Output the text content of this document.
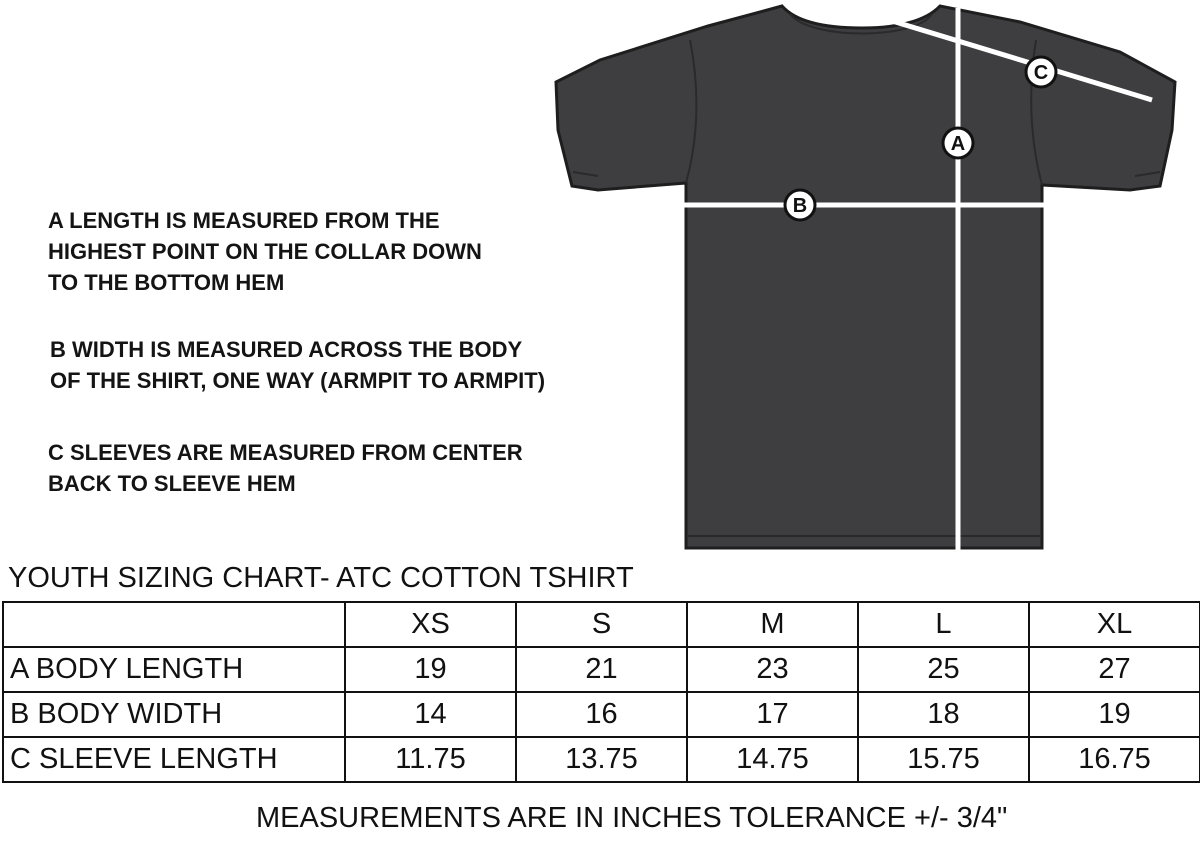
A LENGTH IS MEASURED FROM THE

HIGHEST POINT ON THE COLLAR DOWN

TO THE BOTTOM HEM

B WIDTH IS MEASURED ACROSS THE BODY

OF THE SHIRT, ONE WAY (ARMPIT TO ARMPIT)

C SLEEVES ARE MEASURED FROM CENTER

BACK TO SLEEVE HEM

A
B
C
YOUTH SIZING CHART- ATC COTTON TSHIRT
	XS	S	M	L	XL
A BODY LENGTH	19	21	23	25	27
B BODY WIDTH	14	16	17	18	19
C SLEEVE LENGTH	11.75	13.75	14.75	15.75	16.75
MEASUREMENTS ARE IN INCHES TOLERANCE +/- 3/4"
